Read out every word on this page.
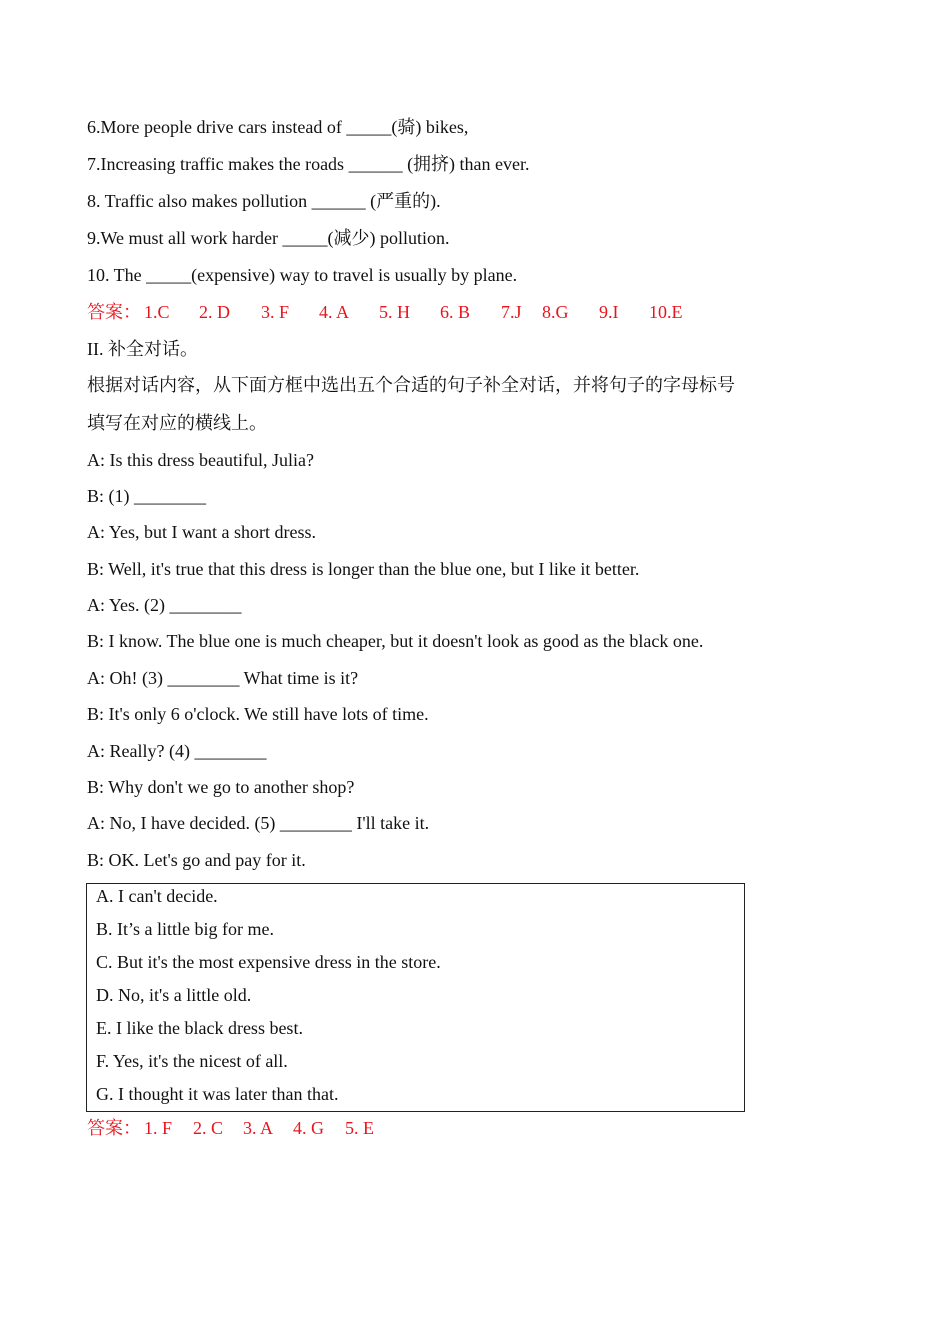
6.More people drive cars instead of _____(骑) bikes,
7.Increasing traffic makes the roads ______ (拥挤) than ever.
8. Traffic also makes pollution ______ (严重的).
9.We must all work harder _____(减少) pollution.
10. The _____(expensive) way to travel is usually by plane.
答案： 1.C 2. D 3. F 4. A 5. H 6. B 7.J 8.G 9.I 10.E
II. 补全对话。
根据对话内容，从下面方框中选出五个合适的句子补全对话，并将句子的字母标号
填写在对应的横线上。
A: Is this dress beautiful, Julia?
B: (1) ________
A: Yes, but I want a short dress.
B: Well, it's true that this dress is longer than the blue one, but I like it better.
A: Yes. (2) ________
B: I know. The blue one is much cheaper, but it doesn't look as good as the black one.
A: Oh! (3) ________ What time is it?
B: It's only 6 o'clock. We still have lots of time.
A: Really? (4) ________
B: Why don't we go to another shop?
A: No, I have decided. (5) ________ I'll take it.
B: OK. Let's go and pay for it.
A. I can't decide.
B. It’s a little big for me.
C. But it's the most expensive dress in the store.
D. No, it's a little old.
E. I like the black dress best.
F. Yes, it's the nicest of all.
G. I thought it was later than that.
答案： 1. F 2. C 3. A 4. G 5. E
